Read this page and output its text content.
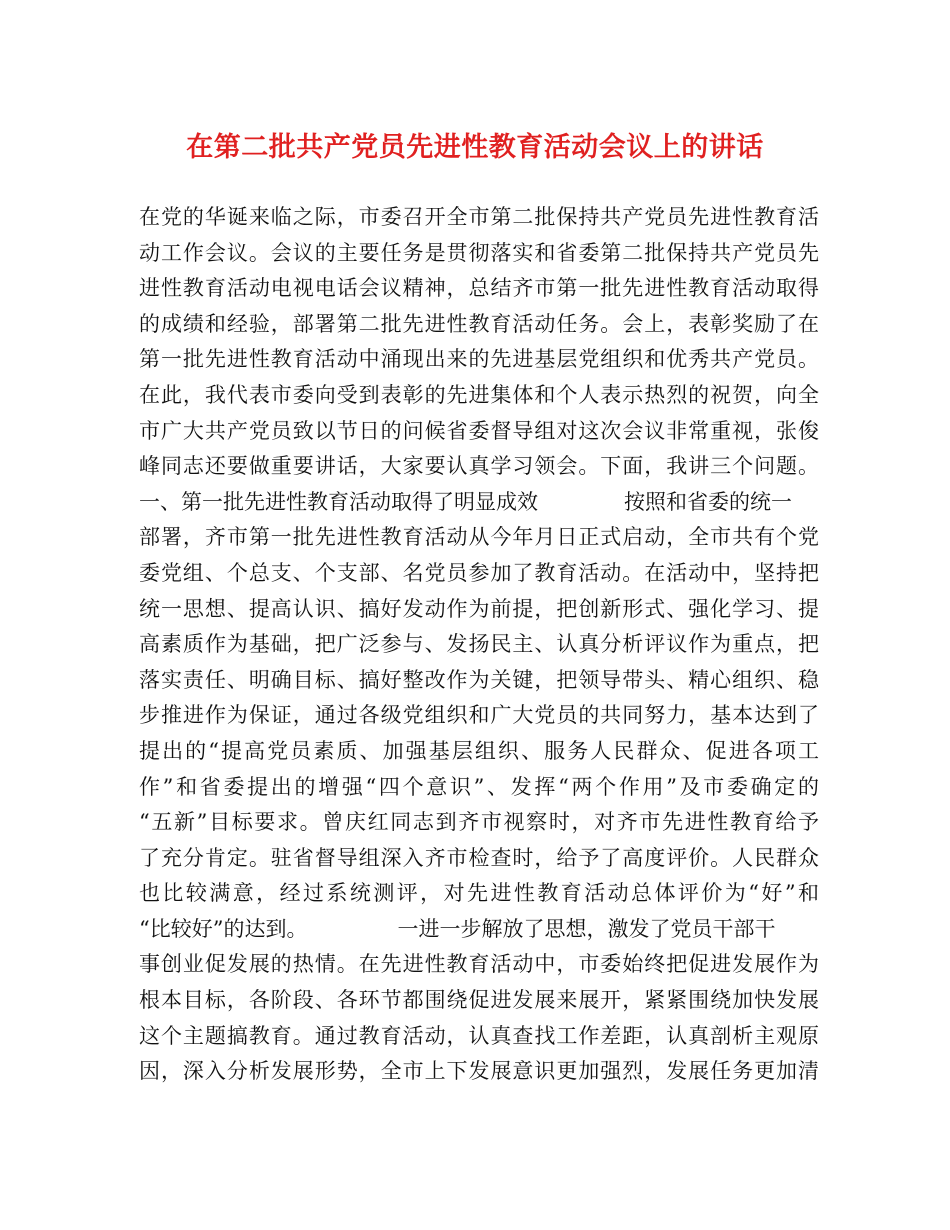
在第二批共产党员先进性教育活动会议上的讲话
在党的华诞来临之际，市委召开全市第二批保持共产党员先进性教育活
动工作会议。会议的主要任务是贯彻落实和省委第二批保持共产党员先
进性教育活动电视电话会议精神，总结齐市第一批先进性教育活动取得
的成绩和经验，部署第二批先进性教育活动任务。会上，表彰奖励了在
第一批先进性教育活动中涌现出来的先进基层党组织和优秀共产党员。
在此，我代表市委向受到表彰的先进集体和个人表示热烈的祝贺，向全
市广大共产党员致以节日的问候省委督导组对这次会议非常重视，张俊
峰同志还要做重要讲话，大家要认真学习领会。下面，我讲三个问题。
一、第一批先进性教育活动取得了明显成效	按照和省委的统一
部署，齐市第一批先进性教育活动从今年月日正式启动，全市共有个党
委党组、个总支、个支部、名党员参加了教育活动。在活动中，坚持把
统一思想、提高认识、搞好发动作为前提，把创新形式、强化学习、提
高素质作为基础，把广泛参与、发扬民主、认真分析评议作为重点，把
落实责任、明确目标、搞好整改作为关键，把领导带头、精心组织、稳
步推进作为保证，通过各级党组织和广大党员的共同努力，基本达到了
提出的“提高党员素质、加强基层组织、服务人民群众、促进各项工
作”和省委提出的增强“四个意识”、发挥“两个作用”及市委确定的
“五新”目标要求。曾庆红同志到齐市视察时，对齐市先进性教育给予
了充分肯定。驻省督导组深入齐市检查时，给予了高度评价。人民群众
也比较满意，经过系统测评，对先进性教育活动总体评价为“好”和
“比较好”的达到。	一进一步解放了思想，激发了党员干部干
事创业促发展的热情。在先进性教育活动中，市委始终把促进发展作为
根本目标，各阶段、各环节都围绕促进发展来展开，紧紧围绕加快发展
这个主题搞教育。通过教育活动，认真查找工作差距，认真剖析主观原
因，深入分析发展形势，全市上下发展意识更加强烈，发展任务更加清
